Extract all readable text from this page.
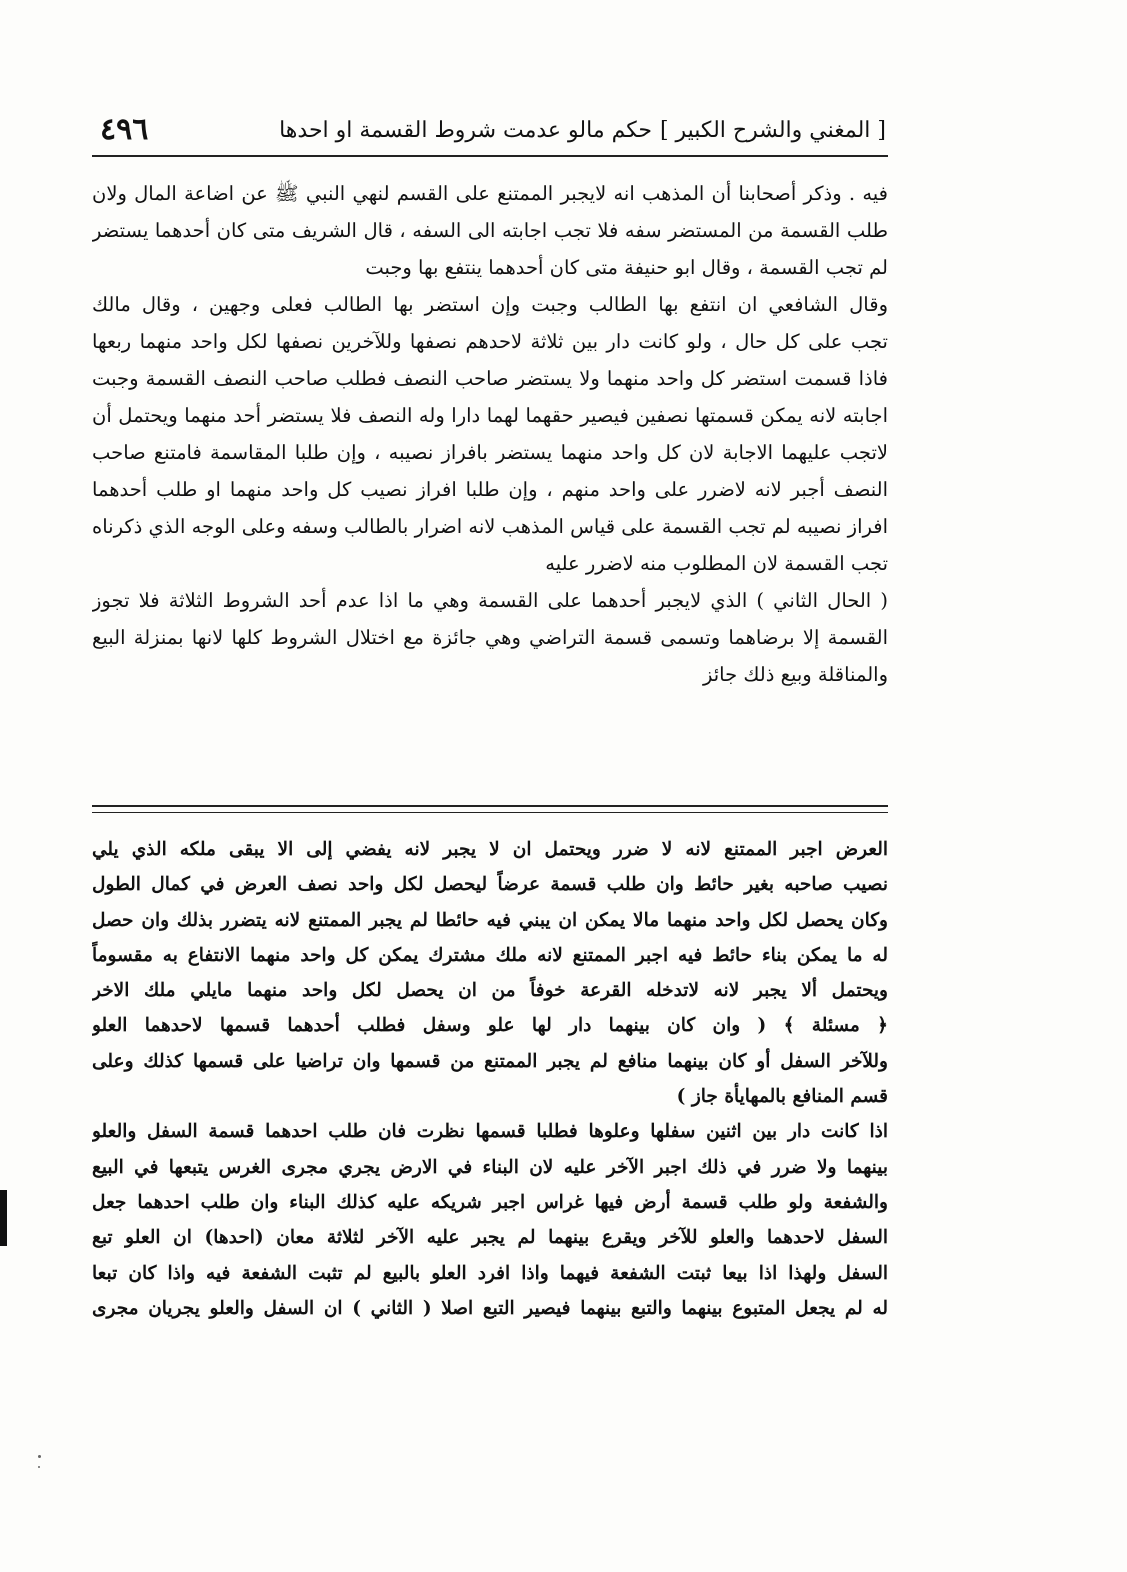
[ المغني والشرح الكبير ]
حكم مالو عدمت شروط القسمة او احدها
٤٩٦
فيه . وذكر أصحابنا أن المذهب انه لايجبر الممتنع على القسم لنهي النبي ﷺ عن اضاعة المال ولان
طلب القسمة من المستضر سفه فلا تجب اجابته الى السفه ، قال الشريف متى كان أحدهما يستضر
لم تجب القسمة ، وقال ابو حنيفة متى كان أحدهما ينتفع بها وجبت
وقال الشافعي ان انتفع بها الطالب وجبت وإن استضر بها الطالب فعلى وجهين ، وقال مالك
تجب على كل حال ، ولو كانت دار بين ثلاثة لاحدهم نصفها وللآخرين نصفها لكل واحد منهما ربعها
فاذا قسمت استضر كل واحد منهما ولا يستضر صاحب النصف فطلب صاحب النصف القسمة وجبت
اجابته لانه يمكن قسمتها نصفين فيصير حقهما لهما دارا وله النصف فلا يستضر أحد منهما ويحتمل أن
لاتجب عليهما الاجابة لان كل واحد منهما يستضر بافراز نصيبه ، وإن طلبا المقاسمة فامتنع صاحب
النصف أجبر لانه لاضرر على واحد منهم ، وإن طلبا افراز نصيب كل واحد منهما او طلب أحدهما
افراز نصيبه لم تجب القسمة على قياس المذهب لانه اضرار بالطالب وسفه وعلى الوجه الذي ذكرناه
تجب القسمة لان المطلوب منه لاضرر عليه
( الحال الثاني ) الذي لايجبر أحدهما على القسمة وهي ما اذا عدم أحد الشروط الثلاثة فلا تجوز
القسمة إلا برضاهما وتسمى قسمة التراضي وهي جائزة مع اختلال الشروط كلها لانها بمنزلة البيع
والمناقلة وبيع ذلك جائز
العرض اجبر الممتنع لانه لا ضرر ويحتمل ان لا يجبر لانه يفضي إلى الا يبقى ملكه الذي يلي
نصيب صاحبه بغير حائط وان طلب قسمة عرضاً ليحصل لكل واحد نصف العرض في كمال الطول
وكان يحصل لكل واحد منهما مالا يمكن ان يبني فيه حائطا لم يجبر الممتنع لانه يتضرر بذلك وان حصل
له ما يمكن بناء حائط فيه اجبر الممتنع لانه ملك مشترك يمكن كل واحد منهما الانتفاع به مقسوماً
ويحتمل ألا يجبر لانه لاتدخله القرعة خوفاً من ان يحصل لكل واحد منهما مايلي ملك الاخر
﴿ مسئلة ﴾ ( وان كان بينهما دار لها علو وسفل فطلب أحدهما قسمها لاحدهما العلو
وللآخر السفل أو كان بينهما منافع لم يجبر الممتنع من قسمها وان تراضيا على قسمها كذلك وعلى
قسم المنافع بالمهايأة جاز )
اذا كانت دار بين اثنين سفلها وعلوها فطلبا قسمها نظرت فان طلب احدهما قسمة السفل والعلو
بينهما ولا ضرر في ذلك اجبر الآخر عليه لان البناء في الارض يجري مجرى الغرس يتبعها في البيع
والشفعة ولو طلب قسمة أرض فيها غراس اجبر شريكه عليه كذلك البناء وان طلب احدهما جعل
السفل لاحدهما والعلو للآخر ويقرع بينهما لم يجبر عليه الآخر لثلاثة معان (احدها) ان العلو تبع
السفل ولهذا اذا بيعا ثبتت الشفعة فيهما واذا افرد العلو بالبيع لم تثبت الشفعة فيه واذا كان تبعا
له لم يجعل المتبوع بينهما والتبع بينهما فيصير التبع اصلا ( الثاني ) ان السفل والعلو يجريان مجرى
